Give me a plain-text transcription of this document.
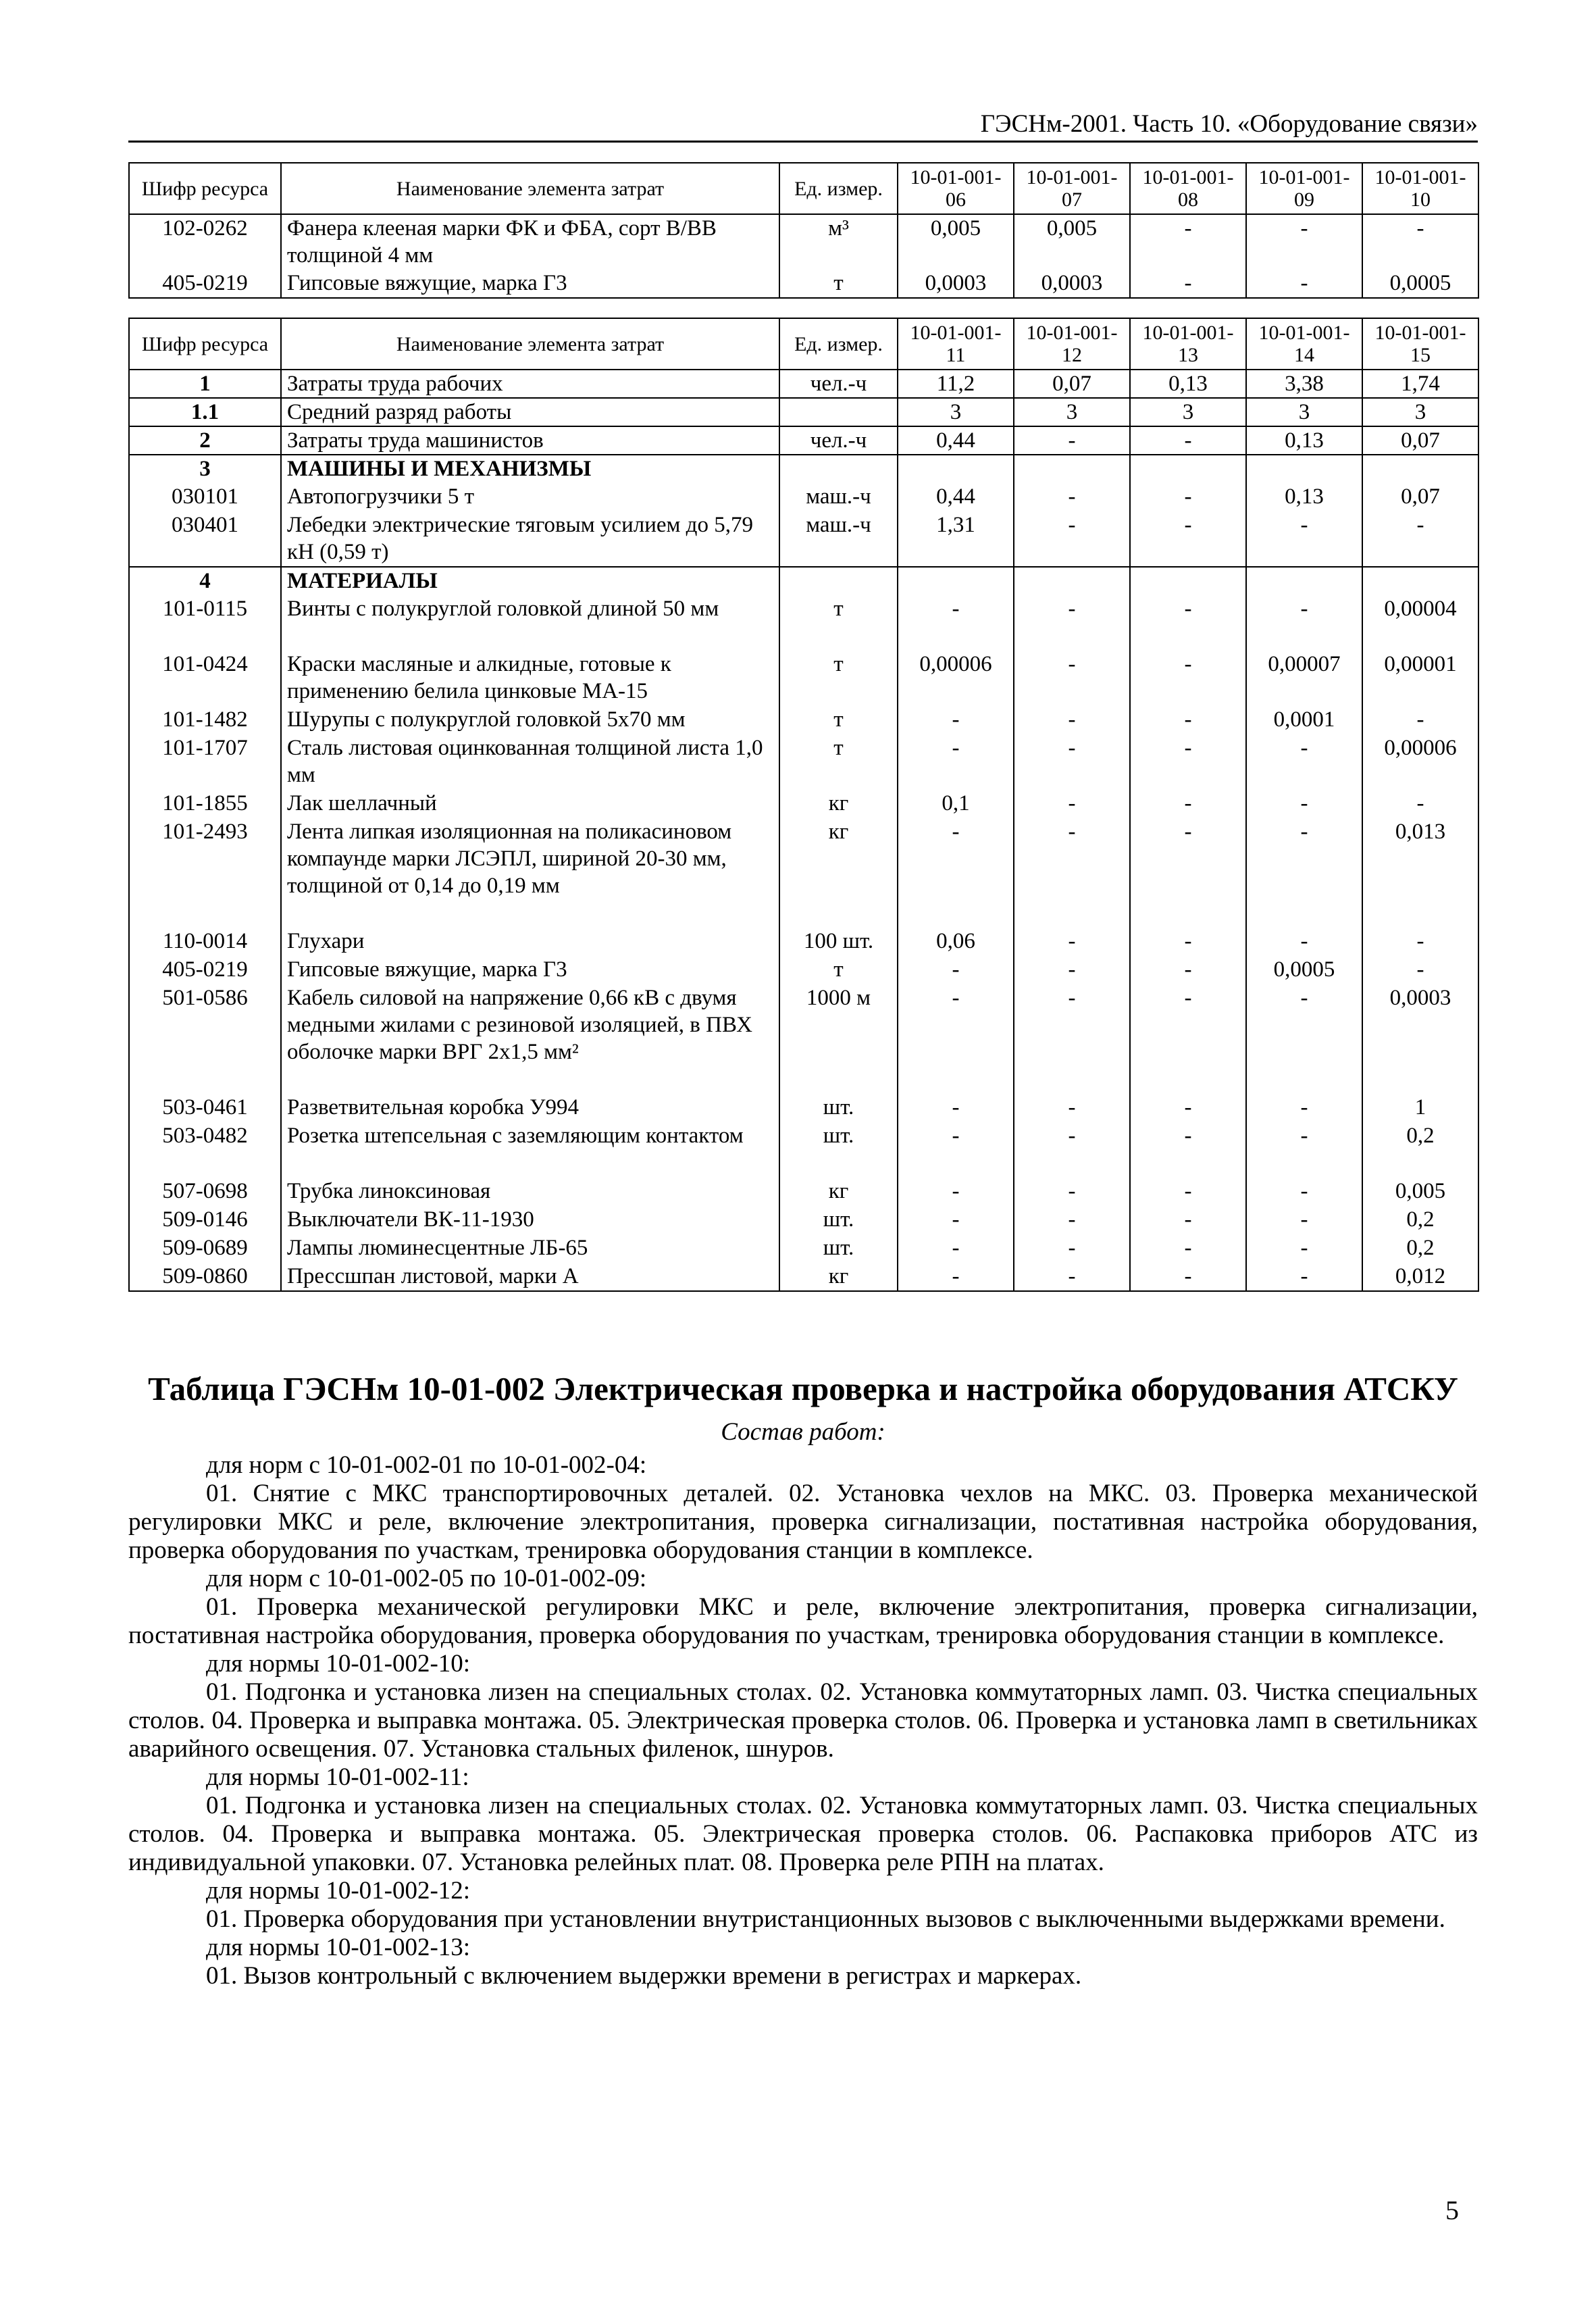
ГЭСНм-2001. Часть 10. «Оборудование связи»
Шифр ресурса	Наименование элемента затрат	Ед. измер.	10-01-001-06	10-01-001-07	10-01-001-08	10-01-001-09	10-01-001-10
102-0262	Фанера клееная марки ФК и ФБА, сорт В/ВВ толщиной 4 мм	м³	0,005	0,005	-	-	-
405-0219	Гипсовые вяжущие, марка Г3	т	0,0003	0,0003	-	-	0,0005
Шифр ресурса	Наименование элемента затрат	Ед. измер.	10-01-001-11	10-01-001-12	10-01-001-13	10-01-001-14	10-01-001-15
1	Затраты труда рабочих	чел.-ч	11,2	0,07	0,13	3,38	1,74
1.1	Средний разряд работы		3	3	3	3	3
2	Затраты труда машинистов	чел.-ч	0,44	-	-	0,13	0,07
3	МАШИНЫ И МЕХАНИЗМЫ						
030101	Автопогрузчики 5 т	маш.-ч	0,44	-	-	0,13	0,07
030401	Лебедки электрические тяговым усилием до 5,79 кН (0,59 т)	маш.-ч	1,31	-	-	-	-
4	МАТЕРИАЛЫ						
101-0115	Винты с полукруглой головкой длиной 50 мм	т	-	-	-	-	0,00004
101-0424	Краски масляные и алкидные, готовые к применению белила цинковые МА-15	т	0,00006	-	-	0,00007	0,00001
101-1482	Шурупы с полукруглой головкой 5х70 мм	т	-	-	-	0,0001	-
101-1707	Сталь листовая оцинкованная толщиной листа 1,0 мм	т	-	-	-	-	0,00006
101-1855	Лак шеллачный	кг	0,1	-	-	-	-
101-2493	Лента липкая изоляционная на поликасиновом компаунде марки ЛСЭПЛ, шириной 20-30 мм, толщиной от 0,14 до 0,19 мм	кг	-	-	-	-	0,013
110-0014	Глухари	100 шт.	0,06	-	-	-	-
405-0219	Гипсовые вяжущие, марка Г3	т	-	-	-	0,0005	-
501-0586	Кабель силовой на напряжение 0,66 кВ с двумя медными жилами с резиновой изоляцией, в ПВХ оболочке марки ВРГ 2х1,5 мм²	1000 м	-	-	-	-	0,0003
503-0461	Разветвительная коробка У994	шт.	-	-	-	-	1
503-0482	Розетка штепсельная с заземляющим контактом	шт.	-	-	-	-	0,2
507-0698	Трубка линоксиновая	кг	-	-	-	-	0,005
509-0146	Выключатели ВК-11-1930	шт.	-	-	-	-	0,2
509-0689	Лампы люминесцентные ЛБ-65	шт.	-	-	-	-	0,2
509-0860	Прессшпан листовой, марки А	кг	-	-	-	-	0,012
Таблица ГЭСНм 10-01-002 Электрическая проверка и настройка оборудования АТСКУ
Состав работ:

для норм с 10-01-002-01 по 10-01-002-04:

01. Снятие с МКС транспортировочных деталей. 02. Установка чехлов на МКС. 03. Проверка механической регулировки МКС и реле, включение электропитания, проверка сигнализации, постативная настройка оборудования, проверка оборудования по участкам, тренировка оборудования станции в комплексе.

для норм с 10-01-002-05 по 10-01-002-09:

01. Проверка механической регулировки МКС и реле, включение электропитания, проверка сигнализации, постативная настройка оборудования, проверка оборудования по участкам, тренировка оборудования станции в комплексе.

для нормы 10-01-002-10:

01. Подгонка и установка лизен на специальных столах. 02. Установка коммутаторных ламп. 03. Чистка специальных столов. 04. Проверка и выправка монтажа. 05. Электрическая проверка столов. 06. Проверка и установка ламп в светильниках аварийного освещения. 07. Установка стальных филенок, шнуров.

для нормы 10-01-002-11:

01. Подгонка и установка лизен на специальных столах. 02. Установка коммутаторных ламп. 03. Чистка специальных столов. 04. Проверка и выправка монтажа. 05. Электрическая проверка столов. 06. Распаковка приборов АТС из индивидуальной упаковки. 07. Установка релейных плат. 08. Проверка реле РПН на платах.

для нормы 10-01-002-12:

01. Проверка оборудования при установлении внутристанционных вызовов с выключенными выдержками времени.

для нормы 10-01-002-13:

01. Вызов контрольный с включением выдержки времени в регистрах и маркерах.

5
